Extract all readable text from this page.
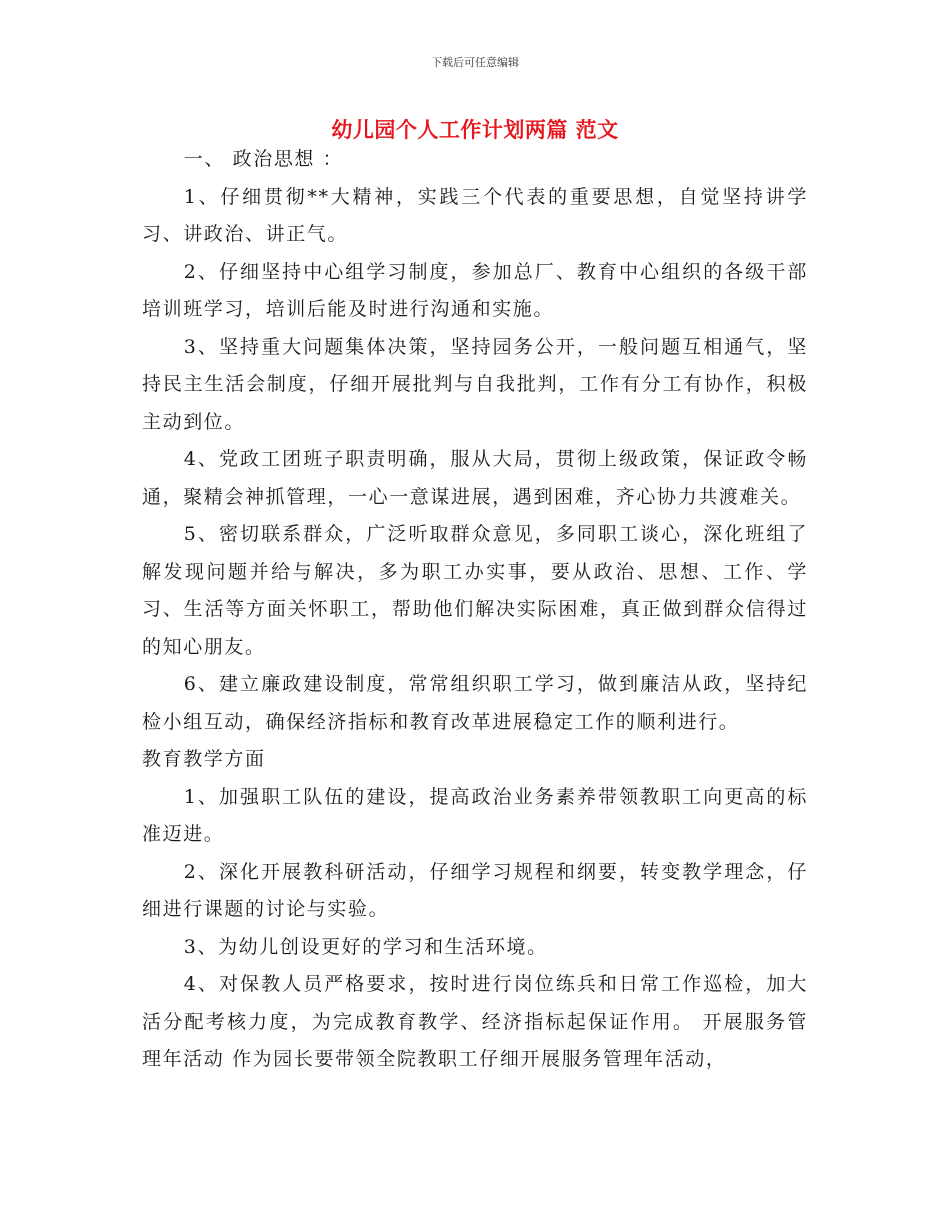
下载后可任意编辑
幼儿园个人工作计划两篇 范文

一、 政治思想 ：

1、仔细贯彻**大精神，实践三个代表的重要思想，自觉坚持讲学习、讲政治、讲正气。

2、仔细坚持中心组学习制度，参加总厂、教育中心组织的各级干部培训班学习，培训后能及时进行沟通和实施。

3、坚持重大问题集体决策，坚持园务公开，一般问题互相通气，坚持民主生活会制度，仔细开展批判与自我批判，工作有分工有协作，积极主动到位。

4、党政工团班子职责明确，服从大局，贯彻上级政策，保证政令畅通，聚精会神抓管理，一心一意谋进展，遇到困难，齐心协力共渡难关。

5、密切联系群众，广泛听取群众意见，多同职工谈心，深化班组了解发现问题并给与解决，多为职工办实事，要从政治、思想、工作、学习、生活等方面关怀职工，帮助他们解决实际困难，真正做到群众信得过的知心朋友。

6、建立廉政建设制度，常常组织职工学习，做到廉洁从政，坚持纪检小组互动，确保经济指标和教育改革进展稳定工作的顺利进行。

教育教学方面

1、加强职工队伍的建设，提高政治业务素养带领教职工向更高的标准迈进。

2、深化开展教科研活动，仔细学习规程和纲要，转变教学理念，仔细进行课题的讨论与实验。

3、为幼儿创设更好的学习和生活环境。

4、对保教人员严格要求，按时进行岗位练兵和日常工作巡检，加大活分配考核力度，为完成教育教学、经济指标起保证作用。 开展服务管理年活动 作为园长要带领全院教职工仔细开展服务管理年活动，
